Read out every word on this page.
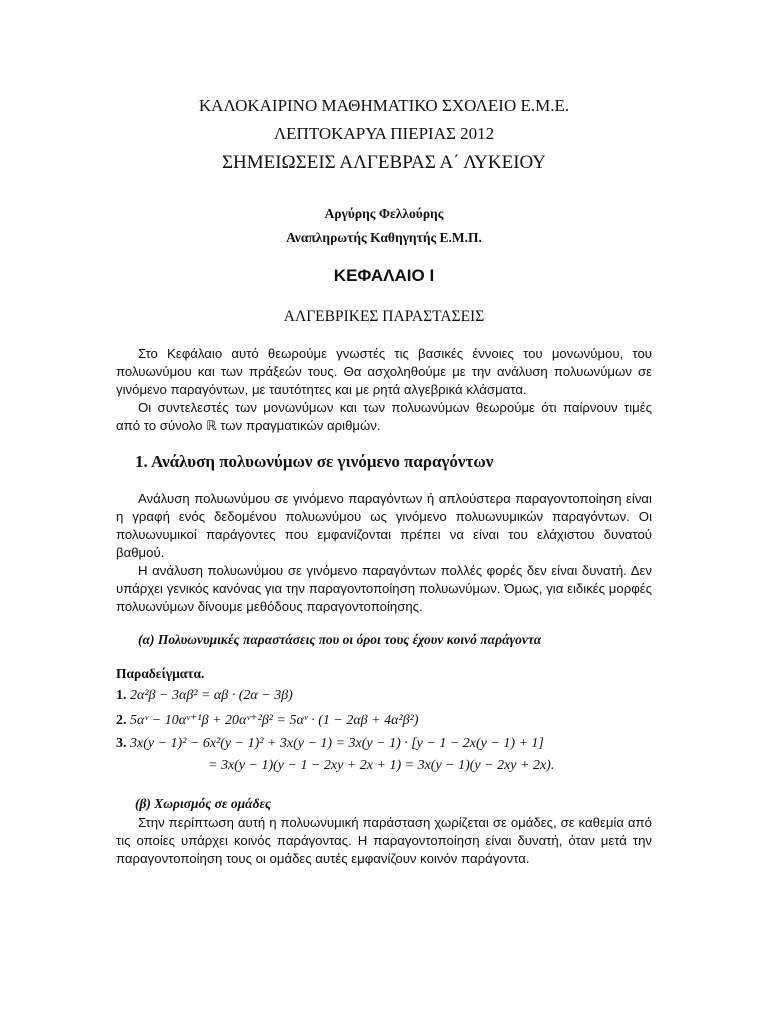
ΚΑΛΟΚΑΙΡΙΝΟ ΜΑΘΗΜΑΤΙΚΟ ΣΧΟΛΕΙΟ Ε.Μ.Ε.
ΛΕΠΤΟΚΑΡΥΑ ΠΙΕΡΙΑΣ 2012
ΣΗΜΕΙΩΣΕΙΣ ΑΛΓΕΒΡΑΣ Α΄ ΛΥΚΕΙΟΥ
Αργύρης Φελλούρης
Αναπληρωτής Καθηγητής Ε.Μ.Π.
ΚΕΦΑΛΑΙΟ Ι
ΑΛΓΕΒΡΙΚΕΣ ΠΑΡΑΣΤΑΣΕΙΣ

Στο Κεφάλαιο αυτό θεωρούμε γνωστές τις βασικές έννοιες του μονωνύμου, του πολυωνύμου και των πράξεών τους. Θα ασχοληθούμε με την ανάλυση πολυωνύμων σε γινόμενο παραγόντων, με ταυτότητες και με ρητά αλγεβρικά κλάσματα.

Οι συντελεστές των μονωνύμων και των πολυωνύμων θεωρούμε ότι παίρνουν τιμές από το σύνολο ℝ των πραγματικών αριθμών.

1. Ανάλυση πολυωνύμων σε γινόμενο παραγόντων

Ανάλυση πολυωνύμου σε γινόμενο παραγόντων ή απλούστερα παραγοντοποίηση είναι η γραφή ενός δεδομένου πολυωνύμου ως γινόμενο πολυωνυμικών παραγόντων. Οι πολυωνυμικοί παράγοντες που εμφανίζονται πρέπει να είναι του ελάχιστου δυνατού βαθμού.

Η ανάλυση πολυωνύμου σε γινόμενο παραγόντων πολλές φορές δεν είναι δυνατή. Δεν υπάρχει γενικός κανόνας για την παραγοντοποίηση πολυωνύμων. Όμως, για ειδικές μορφές πολυωνύμων δίνουμε μεθόδους παραγοντοποίησης.

(α) Πολυωνυμικές παραστάσεις που οι όροι τους έχουν κοινό παράγοντα
Παραδείγματα.
1. 2α²β − 3αβ² = αβ · (2α − 3β)
2. 5αᵛ − 10αᵛ⁺¹β + 20αᵛ⁺²β² = 5αᵛ · (1 − 2αβ + 4α²β²)
3. 3x(y − 1)² − 6x²(y − 1)² + 3x(y − 1) = 3x(y − 1) · [y − 1 − 2x(y − 1) + 1]
= 3x(y − 1)(y − 1 − 2xy + 2x + 1) = 3x(y − 1)(y − 2xy + 2x).
(β) Χωρισμός σε ομάδες

Στην περίπτωση αυτή η πολυωνυμική παράσταση χωρίζεται σε ομάδες, σε καθεμία από τις οποίες υπάρχει κοινός παράγοντας. Η παραγοντοποίηση είναι δυνατή, όταν μετά την παραγοντοποίηση τους οι ομάδες αυτές εμφανίζουν κοινόν παράγοντα.
